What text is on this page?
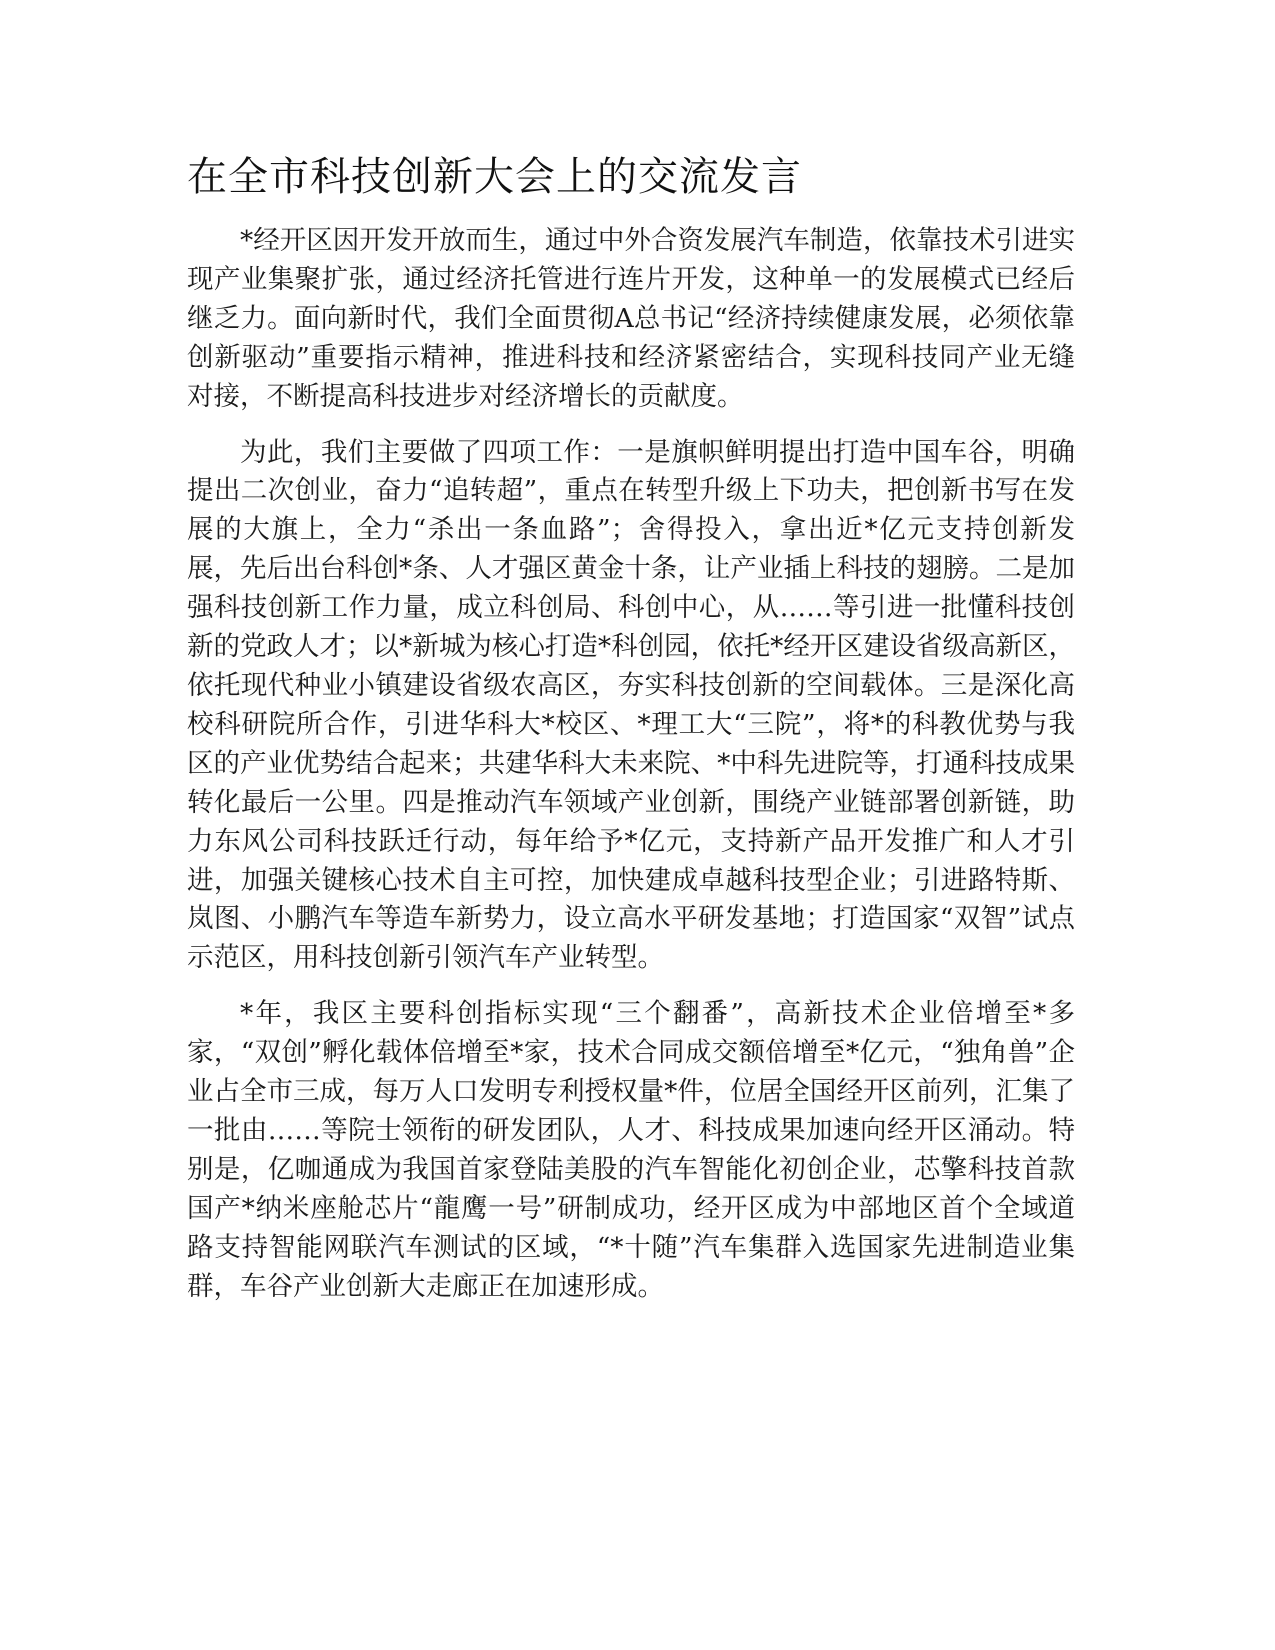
在全市科技创新大会上的交流发言

*经开区因开发开放而生，通过中外合资发展汽车制造，依靠技术引进实现产业集聚扩张，通过经济托管进行连片开发，这种单一的发展模式已经后继乏力。面向新时代，我们全面贯彻A总书记“经济持续健康发展，必须依靠创新驱动”重要指示精神，推进科技和经济紧密结合，实现科技同产业无缝对接，不断提高科技进步对经济增长的贡献度。

为此，我们主要做了四项工作：一是旗帜鲜明提出打造中国车谷，明确提出二次创业，奋力“追转超”，重点在转型升级上下功夫，把创新书写在发展的大旗上，全力“杀出一条血路”；舍得投入，拿出近*亿元支持创新发展，先后出台科创*条、人才强区黄金十条，让产业插上科技的翅膀。二是加强科技创新工作力量，成立科创局、科创中心，从……等引进一批懂科技创新的党政人才；以*新城为核心打造*科创园，依托*经开区建设省级高新区，依托现代种业小镇建设省级农高区，夯实科技创新的空间载体。三是深化高校科研院所合作，引进华科大*校区、*理工大“三院”，将*的科教优势与我区的产业优势结合起来；共建华科大未来院、*中科先进院等，打通科技成果转化最后一公里。四是推动汽车领域产业创新，围绕产业链部署创新链，助力东风公司科技跃迁行动，每年给予*亿元，支持新产品开发推广和人才引进，加强关键核心技术自主可控，加快建成卓越科技型企业；引进路特斯、岚图、小鹏汽车等造车新势力，设立高水平研发基地；打造国家“双智”试点示范区，用科技创新引领汽车产业转型。

*年，我区主要科创指标实现“三个翻番”，高新技术企业倍增至*多家，“双创”孵化载体倍增至*家，技术合同成交额倍增至*亿元，“独角兽”企业占全市三成，每万人口发明专利授权量*件，位居全国经开区前列，汇集了一批由……等院士领衔的研发团队，人才、科技成果加速向经开区涌动。特别是，亿咖通成为我国首家登陆美股的汽车智能化初创企业，芯擎科技首款国产*纳米座舱芯片“龍鹰一号”研制成功，经开区成为中部地区首个全域道路支持智能网联汽车测试的区域，“*十随”汽车集群入选国家先进制造业集群，车谷产业创新大走廊正在加速形成。
